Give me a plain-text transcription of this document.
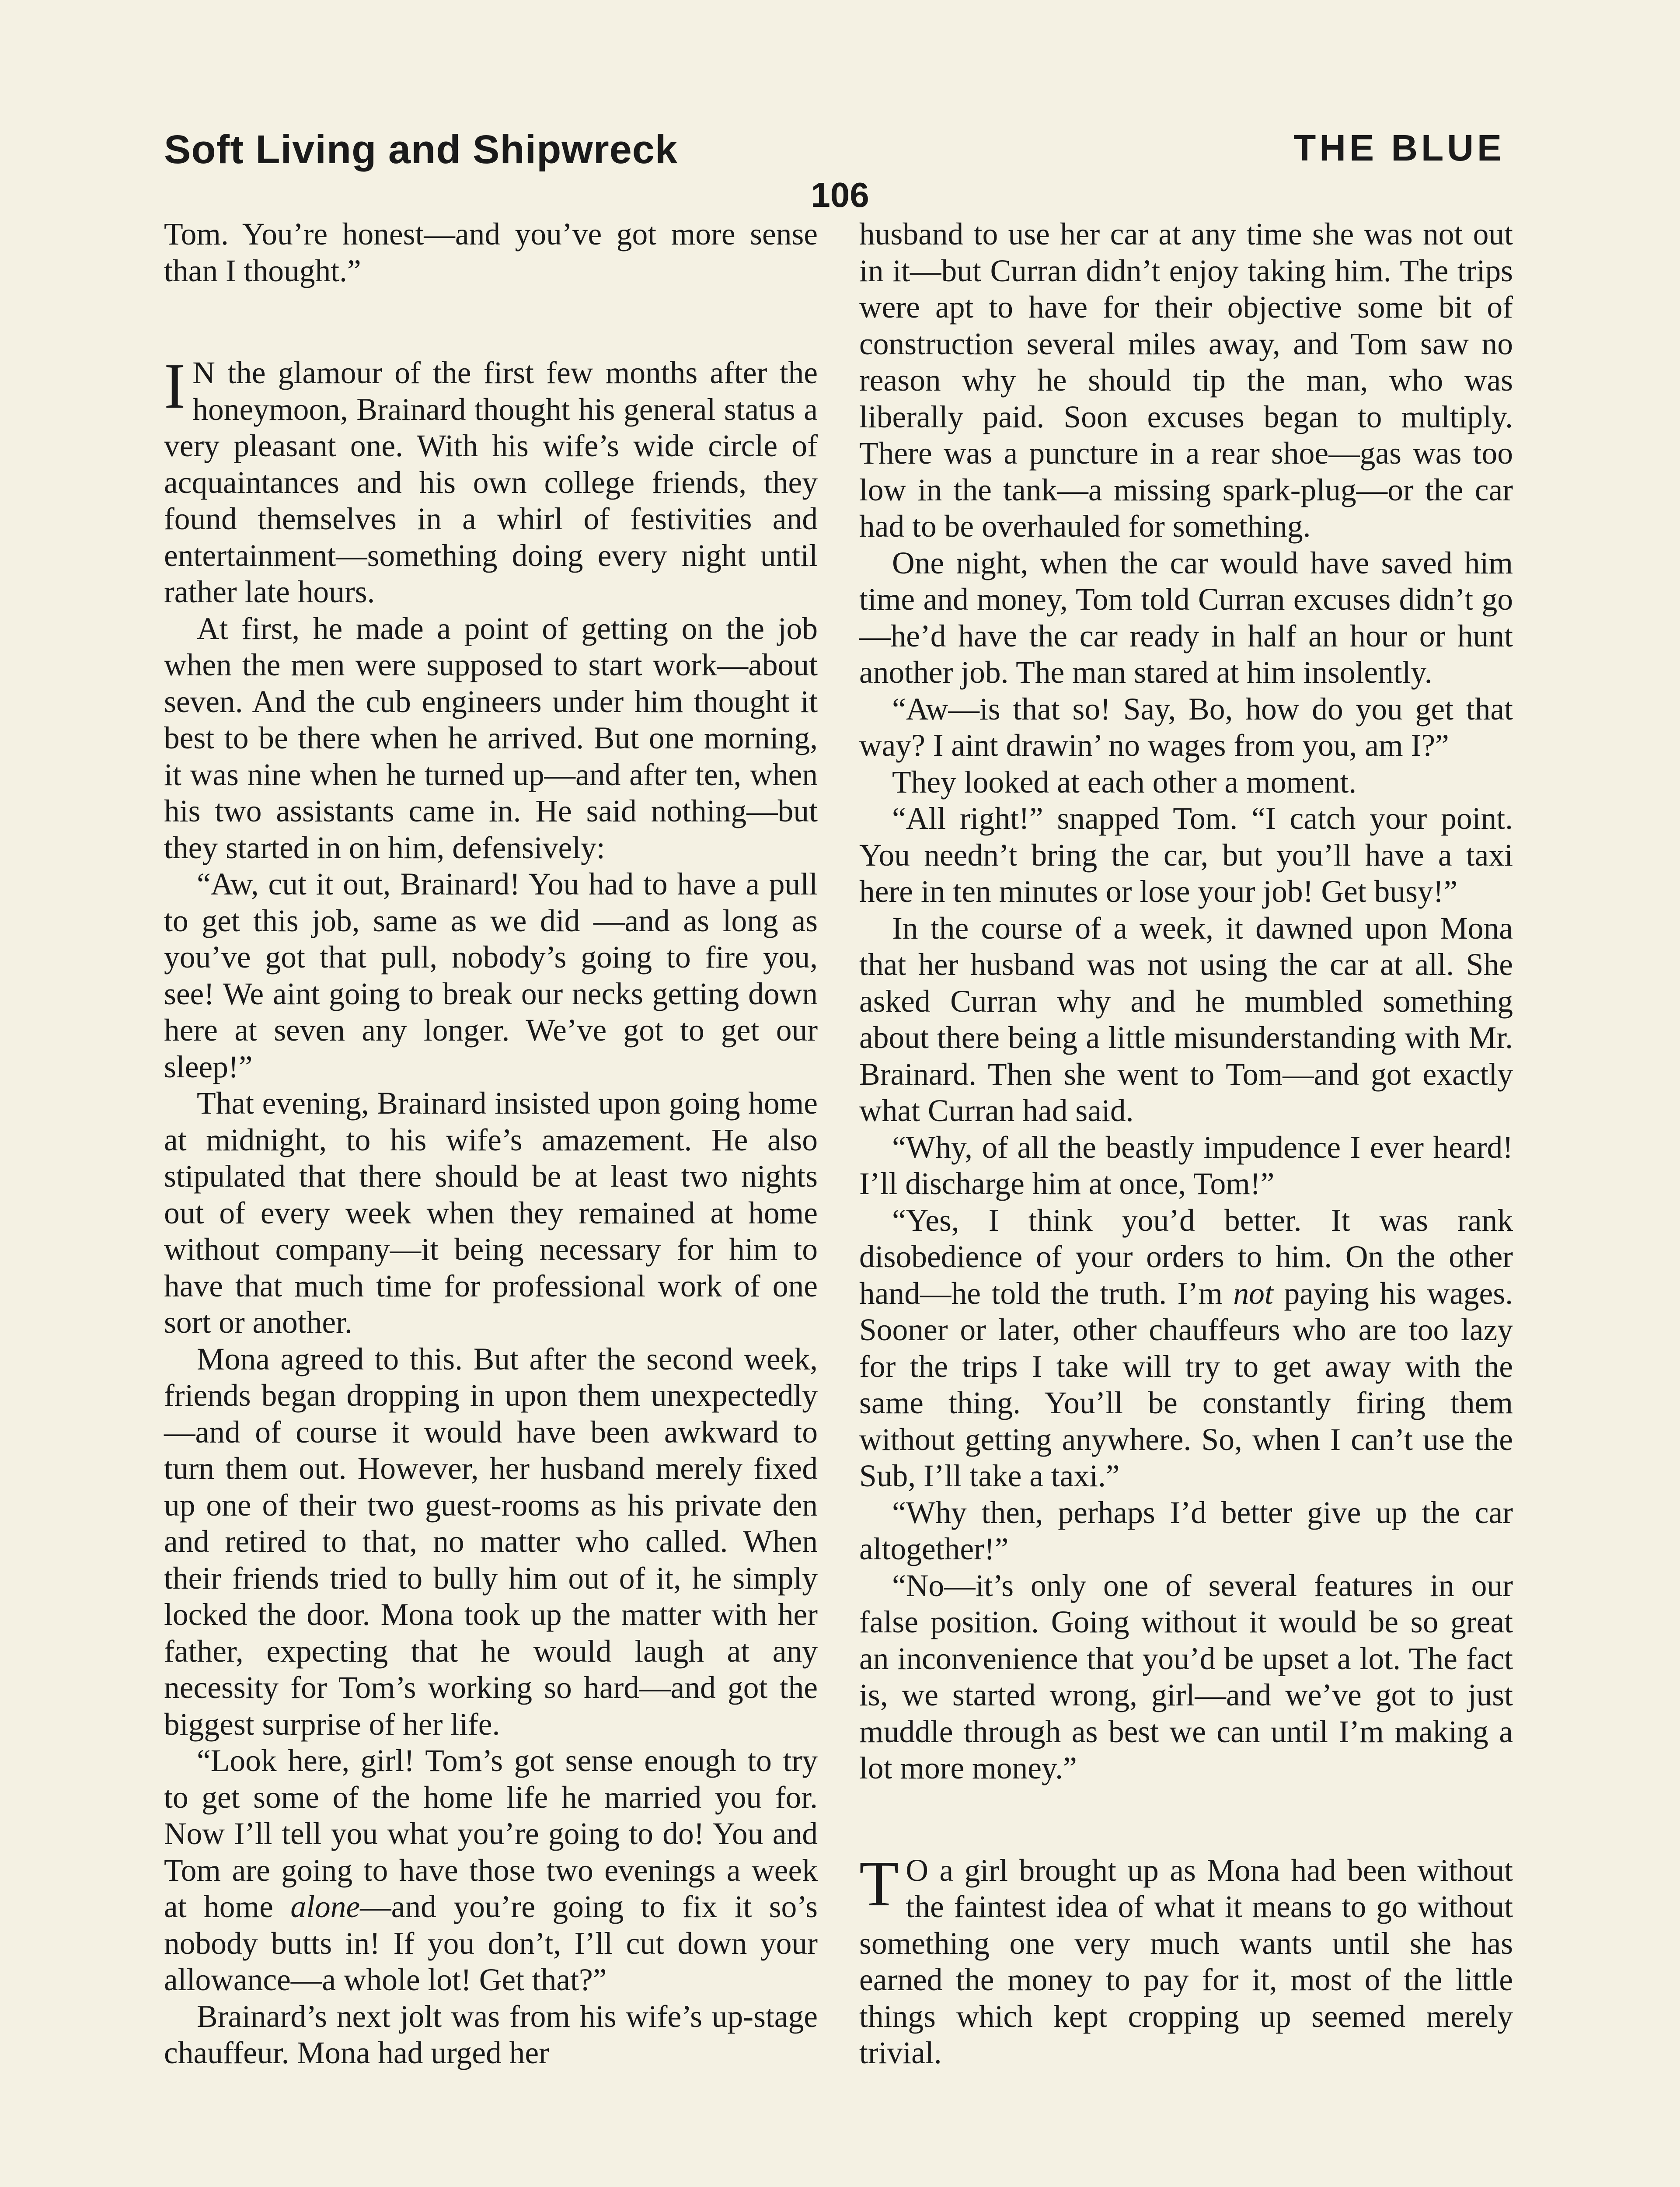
Soft Living and Shipwreck	THE BLUE
106

Tom. You’re honest—and you’ve got more sense than I thought.”

I N the glamour of the first few months after the honeymoon, Brainard thought his general status a very pleasant one. With his wife’s wide circle of acquaintances and his own college friends, they found themselves in a whirl of festivities and entertainment—something doing every night until rather late hours.

At first, he made a point of getting on the job when the men were supposed to start work—about seven. And the cub engineers under him thought it best to be there when he arrived. But one morning, it was nine when he turned up—and after ten, when his two assistants came in. He said nothing—but they started in on him, defensively:

“Aw, cut it out, Brainard! You had to have a pull to get this job, same as we did —and as long as you’ve got that pull, nobody’s going to fire you, see! We aint going to break our necks getting down here at seven any longer. We’ve got to get our sleep!”

That evening, Brainard insisted upon going home at midnight, to his wife’s amazement. He also stipulated that there should be at least two nights out of every week when they remained at home without company—it being necessary for him to have that much time for professional work of one sort or another.

Mona agreed to this. But after the second week, friends began dropping in upon them unexpectedly—and of course it would have been awkward to turn them out. However, her husband merely fixed up one of their two guest-rooms as his private den and retired to that, no matter who called. When their friends tried to bully him out of it, he simply locked the door. Mona took up the matter with her father, expecting that he would laugh at any necessity for Tom’s working so hard—and got the biggest surprise of her life.

“Look here, girl! Tom’s got sense enough to try to get some of the home life he married you for. Now I’ll tell you what you’re going to do! You and Tom are going to have those two evenings a week at home alone—and you’re going to fix it so’s nobody butts in! If you don’t, I’ll cut down your allowance—a whole lot! Get that?”

Brainard’s next jolt was from his wife’s up-stage chauffeur. Mona had urged her

husband to use her car at any time she was not out in it—but Curran didn’t enjoy taking him. The trips were apt to have for their objective some bit of construction several miles away, and Tom saw no reason why he should tip the man, who was liberally paid. Soon excuses began to multiply. There was a puncture in a rear shoe—gas was too low in the tank—a missing spark-plug—or the car had to be overhauled for something.

One night, when the car would have saved him time and money, Tom told Curran excuses didn’t go—he’d have the car ready in half an hour or hunt another job. The man stared at him insolently.

“Aw—is that so! Say, Bo, how do you get that way? I aint drawin’ no wages from you, am I?”

They looked at each other a moment.

“All right!” snapped Tom. “I catch your point. You needn’t bring the car, but you’ll have a taxi here in ten minutes or lose your job! Get busy!”

In the course of a week, it dawned upon Mona that her husband was not using the car at all. She asked Curran why and he mumbled something about there being a little misunderstanding with Mr. Brainard. Then she went to Tom—and got exactly what Curran had said.

“Why, of all the beastly impudence I ever heard! I’ll discharge him at once, Tom!”

“Yes, I think you’d better. It was rank disobedience of your orders to him. On the other hand—he told the truth. I’m not paying his wages. Sooner or later, other chauffeurs who are too lazy for the trips I take will try to get away with the same thing. You’ll be constantly firing them without getting anywhere. So, when I can’t use the Sub, I’ll take a taxi.”

“Why then, perhaps I’d better give up the car altogether!”

“No—it’s only one of several features in our false position. Going without it would be so great an inconvenience that you’d be upset a lot. The fact is, we started wrong, girl—and we’ve got to just muddle through as best we can until I’m making a lot more money.”

T O a girl brought up as Mona had been without the faintest idea of what it means to go without something one very much wants until she has earned the money to pay for it, most of the little things which kept cropping up seemed merely trivial.
